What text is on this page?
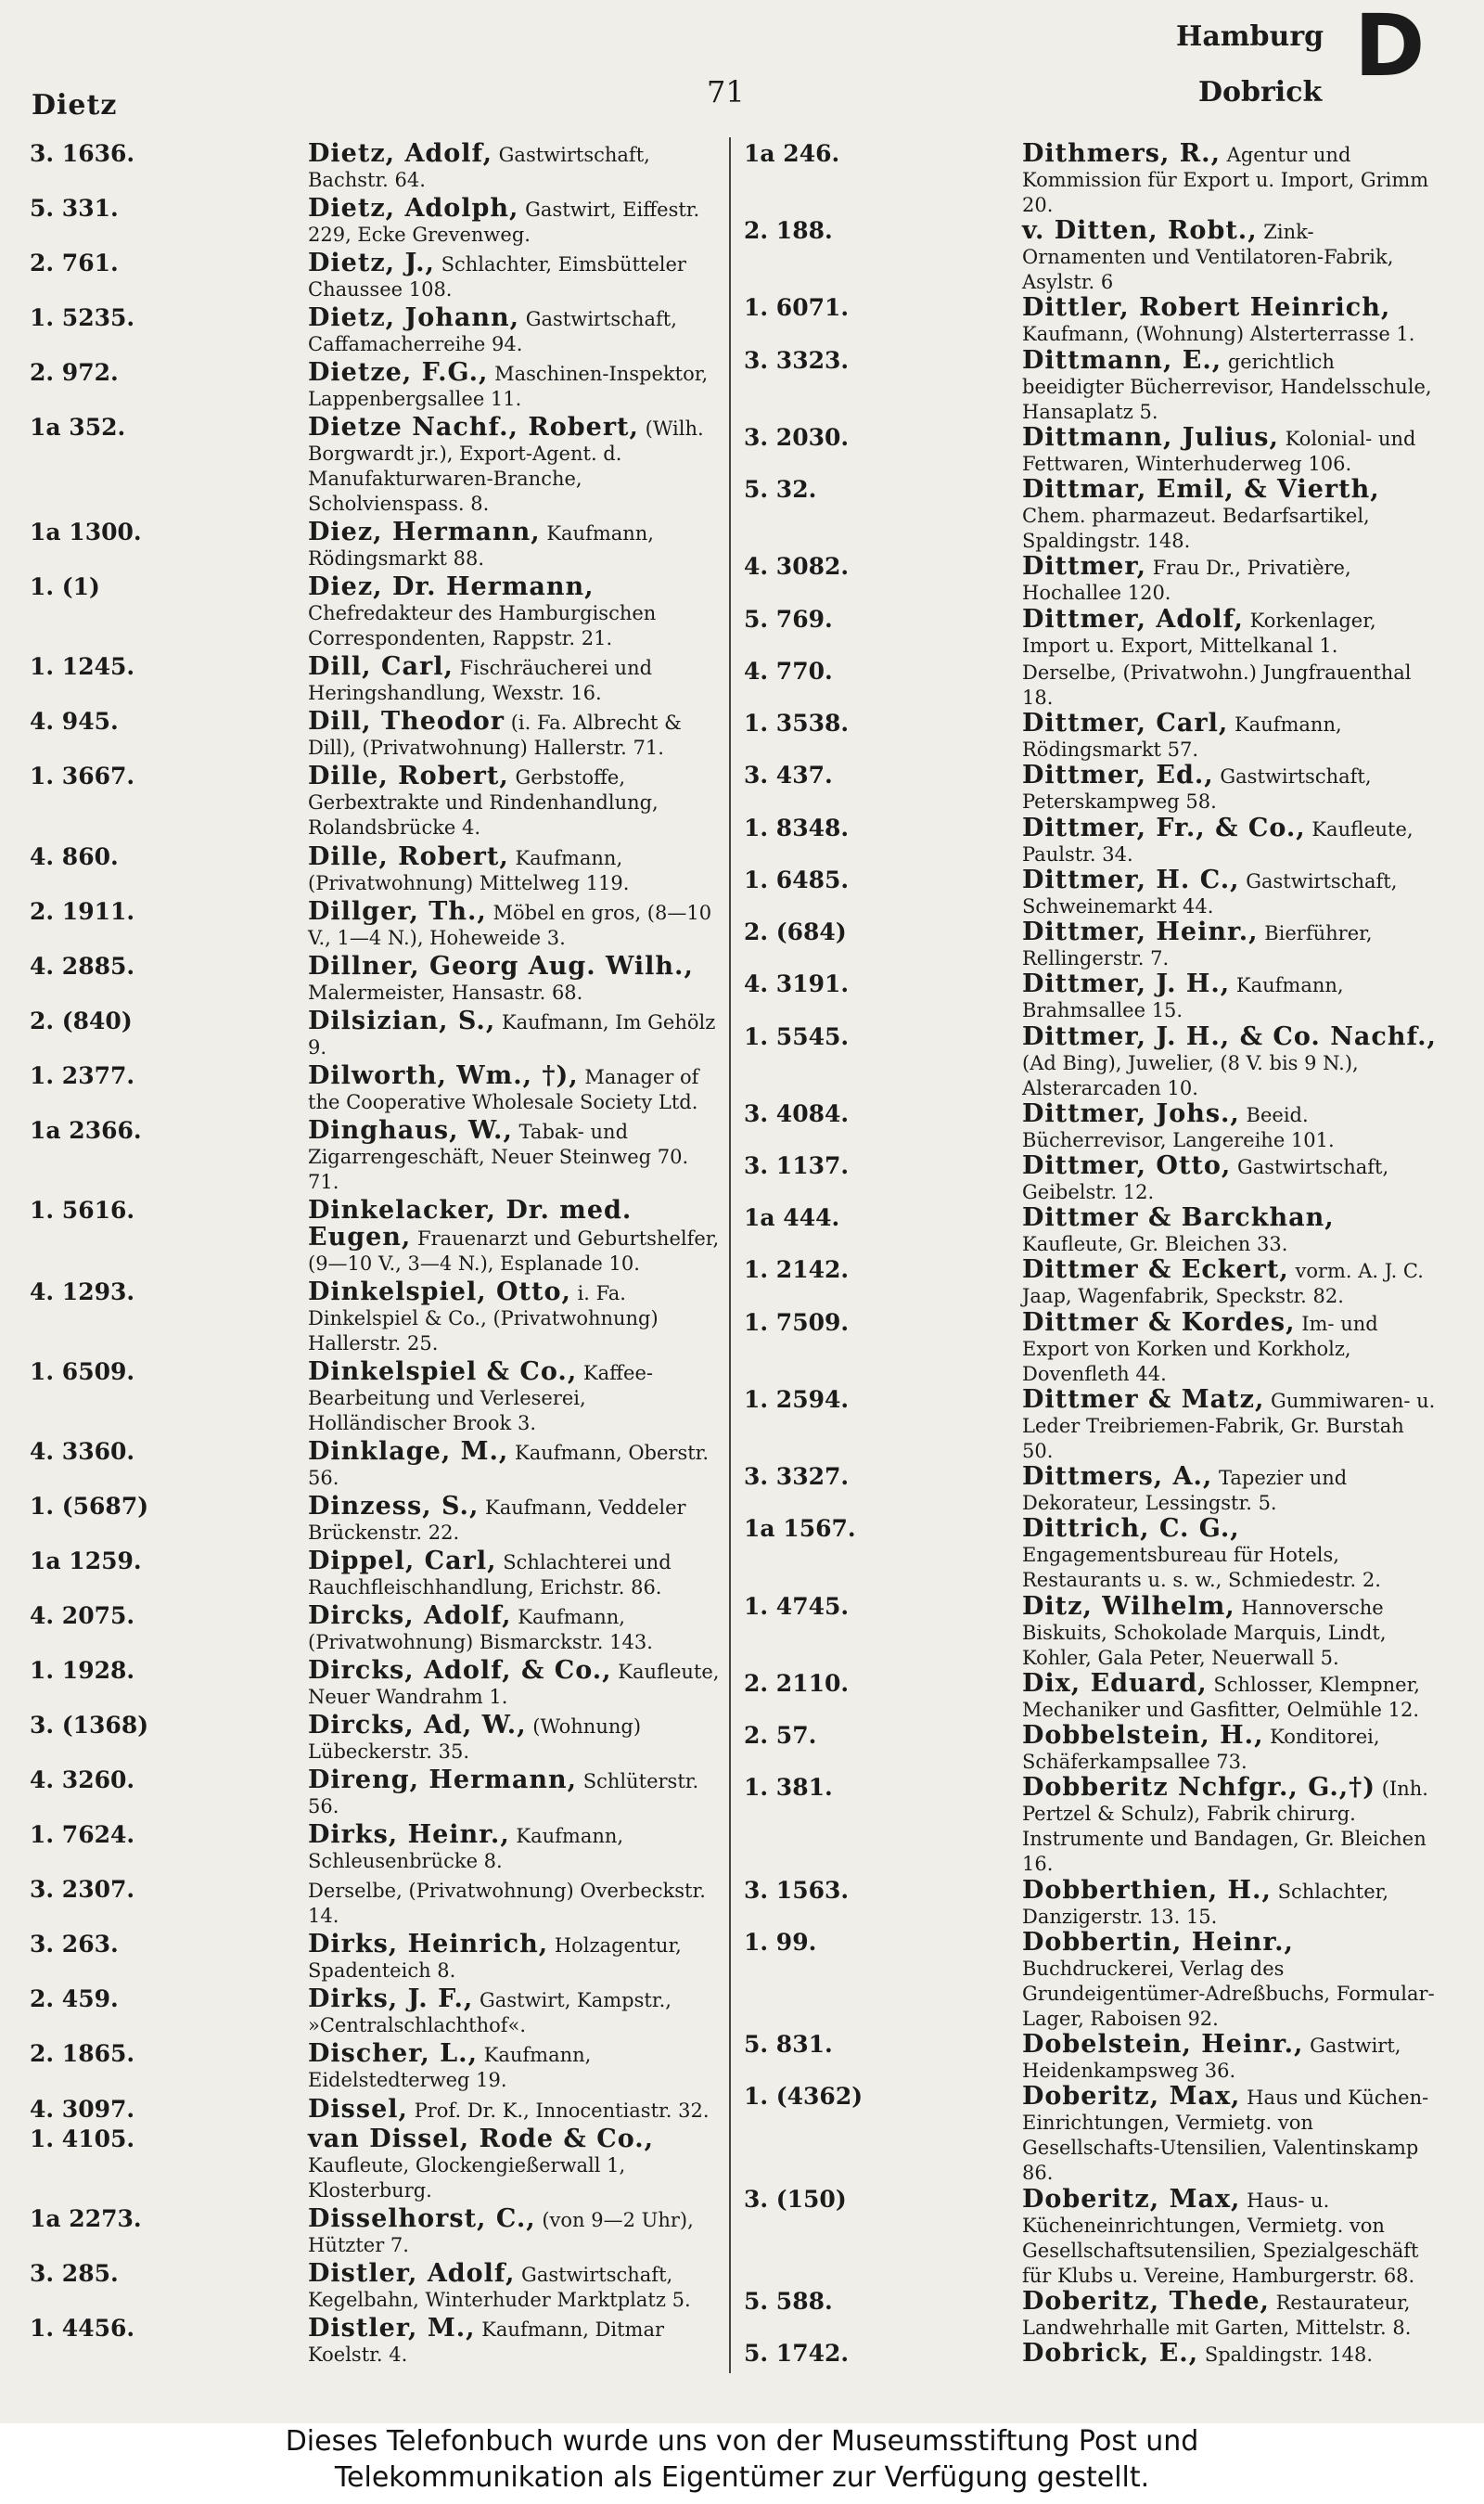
Dietz	71
Hamburg
Dobrick D
3. 1636.	Dietz, Adolf, Gastwirtschaft, Bachstr. 64.
5. 331.	Dietz, Adolph, Gastwirt, Eiffestr. 229, Ecke Grevenweg.
2. 761.	Dietz, J., Schlachter, Eimsbütteler Chaussee 108.
1. 5235.	Dietz, Johann, Gastwirtschaft, Caffamacherreihe 94.
2. 972.	Dietze, F.G., Maschinen-Inspektor, Lappenbergsallee 11.
1a 352.	Dietze Nachf., Robert, (Wilh. Borgwardt jr.), Export-Agent. d. Manufakturwaren-Branche, Scholvienspass. 8.
1a 1300.	Diez, Hermann, Kaufmann, Rödingsmarkt 88.
1. (1)	Diez, Dr. Hermann, Chefredakteur des Hamburgischen Correspondenten, Rappstr. 21.
1. 1245.	Dill, Carl, Fischräucherei und Heringshandlung, Wexstr. 16.
4. 945.	Dill, Theodor (i. Fa. Albrecht & Dill), (Privatwohnung) Hallerstr. 71.
1. 3667.	Dille, Robert, Gerbstoffe, Gerbextrakte und Rindenhandlung, Rolandsbrücke 4.
4. 860.	Dille, Robert, Kaufmann, (Privatwohnung) Mittelweg 119.
2. 1911.	Dillger, Th., Möbel en gros, (8—10 V., 1—4 N.), Hoheweide 3.
4. 2885.	Dillner, Georg Aug. Wilh., Malermeister, Hansastr. 68.
2. (840)	Dilsizian, S., Kaufmann, Im Gehölz 9.
1. 2377.	Dilworth, Wm., †), Manager of the Cooperative Wholesale Society Ltd.
1a 2366.	Dinghaus, W., Tabak- und Zigarrengeschäft, Neuer Steinweg 70. 71.
1. 5616.	Dinkelacker, Dr. med. Eugen, Frauenarzt und Geburtshelfer, (9—10 V., 3—4 N.), Esplanade 10.
4. 1293.	Dinkelspiel, Otto, i. Fa. Dinkelspiel & Co., (Privatwohnung) Hallerstr. 25.
1. 6509.	Dinkelspiel & Co., Kaffee-Bearbeitung und Verleserei, Holländischer Brook 3.
4. 3360.	Dinklage, M., Kaufmann, Oberstr. 56.
1. (5687)	Dinzess, S., Kaufmann, Veddeler Brückenstr. 22.
1a 1259.	Dippel, Carl, Schlachterei und Rauchfleischhandlung, Erichstr. 86.
4. 2075.	Dircks, Adolf, Kaufmann, (Privatwohnung) Bismarckstr. 143.
1. 1928.	Dircks, Adolf, & Co., Kaufleute, Neuer Wandrahm 1.
3. (1368)	Dircks, Ad, W., (Wohnung) Lübeckerstr. 35.
4. 3260.	Direng, Hermann, Schlüterstr. 56.
1. 7624.	Dirks, Heinr., Kaufmann, Schleusenbrücke 8.
3. 2307.	Derselbe, (Privatwohnung) Overbeckstr. 14.
3. 263.	Dirks, Heinrich, Holzagentur, Spadenteich 8.
2. 459.	Dirks, J. F., Gastwirt, Kampstr., »Centralschlachthof«.
2. 1865.	Discher, L., Kaufmann, Eidelstedterweg 19.
4. 3097.	Dissel, Prof. Dr. K., Innocentiastr. 32.
1. 4105.	van Dissel, Rode & Co., Kaufleute, Glockengießerwall 1, Klosterburg.
1a 2273.	Disselhorst, C., (von 9—2 Uhr), Hützter 7.
3. 285.	Distler, Adolf, Gastwirtschaft, Kegelbahn, Winterhuder Marktplatz 5.
1. 4456.	Distler, M., Kaufmann, Ditmar Koelstr. 4.
1a 246.	Dithmers, R., Agentur und Kommission für Export u. Import, Grimm 20.
2. 188.	v. Ditten, Robt., Zink-Ornamenten und Ventilatoren-Fabrik, Asylstr. 6
1. 6071.	Dittler, Robert Heinrich, Kaufmann, (Wohnung) Alsterterrasse 1.
3. 3323.	Dittmann, E., gerichtlich beeidigter Bücherrevisor, Handelsschule, Hansaplatz 5.
3. 2030.	Dittmann, Julius, Kolonial- und Fettwaren, Winterhuderweg 106.
5. 32.	Dittmar, Emil, & Vierth, Chem. pharmazeut. Bedarfsartikel, Spaldingstr. 148.
4. 3082.	Dittmer, Frau Dr., Privatière, Hochallee 120.
5. 769.	Dittmer, Adolf, Korkenlager, Import u. Export, Mittelkanal 1.
4. 770.	Derselbe, (Privatwohn.) Jungfrauenthal 18.
1. 3538.	Dittmer, Carl, Kaufmann, Rödingsmarkt 57.
3. 437.	Dittmer, Ed., Gastwirtschaft, Peterskampweg 58.
1. 8348.	Dittmer, Fr., & Co., Kaufleute, Paulstr. 34.
1. 6485.	Dittmer, H. C., Gastwirtschaft, Schweinemarkt 44.
2. (684)	Dittmer, Heinr., Bierführer, Rellingerstr. 7.
4. 3191.	Dittmer, J. H., Kaufmann, Brahmsallee 15.
1. 5545.	Dittmer, J. H., & Co. Nachf., (Ad Bing), Juwelier, (8 V. bis 9 N.), Alsterarcaden 10.
3. 4084.	Dittmer, Johs., Beeid. Bücherrevisor, Langereihe 101.
3. 1137.	Dittmer, Otto, Gastwirtschaft, Geibelstr. 12.
1a 444.	Dittmer & Barckhan, Kaufleute, Gr. Bleichen 33.
1. 2142.	Dittmer & Eckert, vorm. A. J. C. Jaap, Wagenfabrik, Speckstr. 82.
1. 7509.	Dittmer & Kordes, Im- und Export von Korken und Korkholz, Dovenfleth 44.
1. 2594.	Dittmer & Matz, Gummiwaren- u. Leder Treibriemen-Fabrik, Gr. Burstah 50.
3. 3327.	Dittmers, A., Tapezier und Dekorateur, Lessingstr. 5.
1a 1567.	Dittrich, C. G., Engagementsbureau für Hotels, Restaurants u. s. w., Schmiedestr. 2.
1. 4745.	Ditz, Wilhelm, Hannoversche Biskuits, Schokolade Marquis, Lindt, Kohler, Gala Peter, Neuerwall 5.
2. 2110.	Dix, Eduard, Schlosser, Klempner, Mechaniker und Gasfitter, Oelmühle 12.
2. 57.	Dobbelstein, H., Konditorei, Schäferkampsallee 73.
1. 381.	Dobberitz Nchfgr., G.,†) (Inh. Pertzel & Schulz), Fabrik chirurg. Instrumente und Bandagen, Gr. Bleichen 16.
3. 1563.	Dobberthien, H., Schlachter, Danzigerstr. 13. 15.
1. 99.	Dobbertin, Heinr., Buchdruckerei, Verlag des Grundeigentümer-Adreßbuchs, Formular-Lager, Raboisen 92.
5. 831.	Dobelstein, Heinr., Gastwirt, Heidenkampsweg 36.
1. (4362)	Doberitz, Max, Haus und Küchen-Einrichtungen, Vermietg. von Gesellschafts-Utensilien, Valentinskamp 86.
3. (150)	Doberitz, Max, Haus- u. Kücheneinrichtungen, Vermietg. von Gesellschaftsutensilien, Spezialgeschäft für Klubs u. Vereine, Hamburgerstr. 68.
5. 588.	Doberitz, Thede, Restaurateur, Landwehrhalle mit Garten, Mittelstr. 8.
5. 1742.	Dobrick, E., Spaldingstr. 148.
Dieses Telefonbuch wurde uns von der Museumsstiftung Post und
Telekommunikation als Eigentümer zur Verfügung gestellt.
